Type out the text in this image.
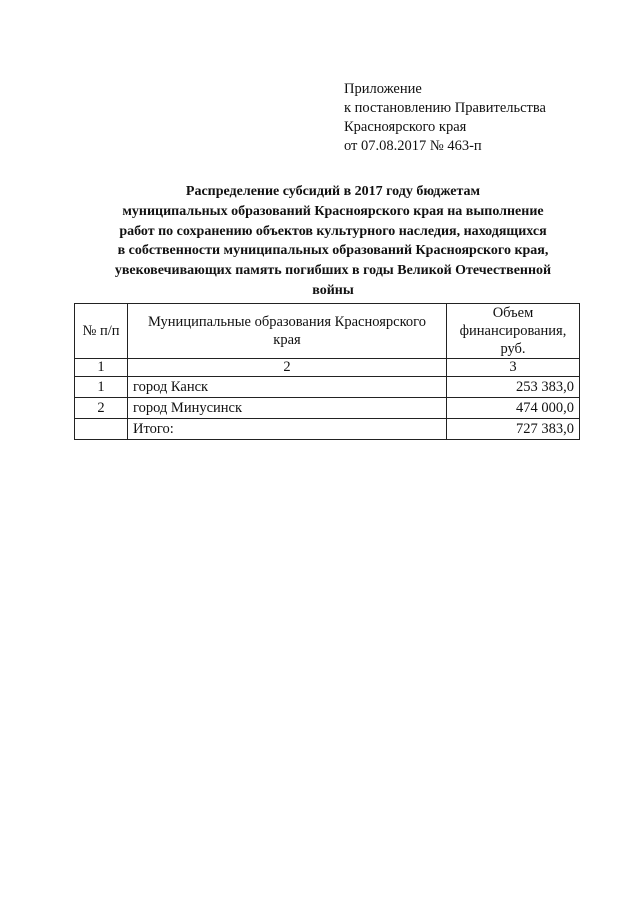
Приложение
к постановлению Правительства
Красноярского края
от 07.08.2017 № 463-п
Распределение субсидий в 2017 году бюджетам
муниципальных образований Красноярского края на выполнение
работ по сохранению объектов культурного наследия, находящихся
в собственности муниципальных образований Красноярского края,
увековечивающих память погибших в годы Великой Отечественной
войны
№ п/п	Муниципальные образования Красноярского края	Объем финансирования, руб.
1	2	3
1	город Канск	253 383,0
2	город Минусинск	474 000,0
	Итого:	727 383,0
